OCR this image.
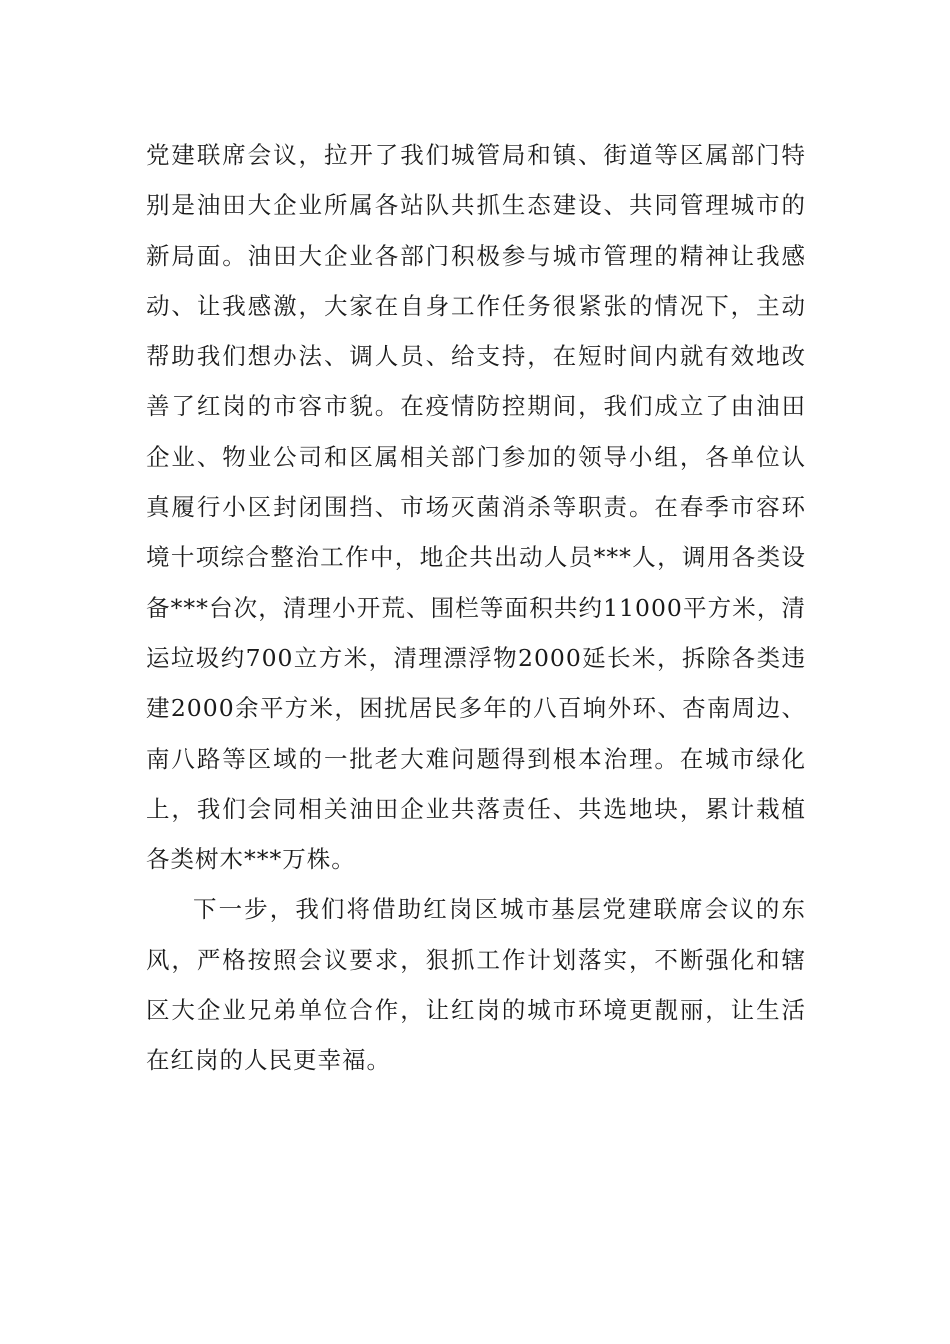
党建联席会议，拉开了我们城管局和镇、街道等区属部门特别是油田大企业所属各站队共抓生态建设、共同管理城市的新局面。油田大企业各部门积极参与城市管理的精神让我感动、让我感激，大家在自身工作任务很紧张的情况下，主动帮助我们想办法、调人员、给支持，在短时间内就有效地改善了红岗的市容市貌。在疫情防控期间，我们成立了由油田企业、物业公司和区属相关部门参加的领导小组，各单位认真履行小区封闭围挡、市场灭菌消杀等职责。在春季市容环境十项综合整治工作中，地企共出动人员***人，调用各类设备***台次，清理小开荒、围栏等面积共约11000平方米，清运垃圾约700立方米，清理漂浮物2000延长米，拆除各类违建2000余平方米，困扰居民多年的八百垧外环、杏南周边、南八路等区域的一批老大难问题得到根本治理。在城市绿化上，我们会同相关油田企业共落责任、共选地块，累计栽植各类树木***万株。

下一步，我们将借助红岗区城市基层党建联席会议的东风，严格按照会议要求，狠抓工作计划落实，不断强化和辖区大企业兄弟单位合作，让红岗的城市环境更靓丽，让生活在红岗的人民更幸福。
